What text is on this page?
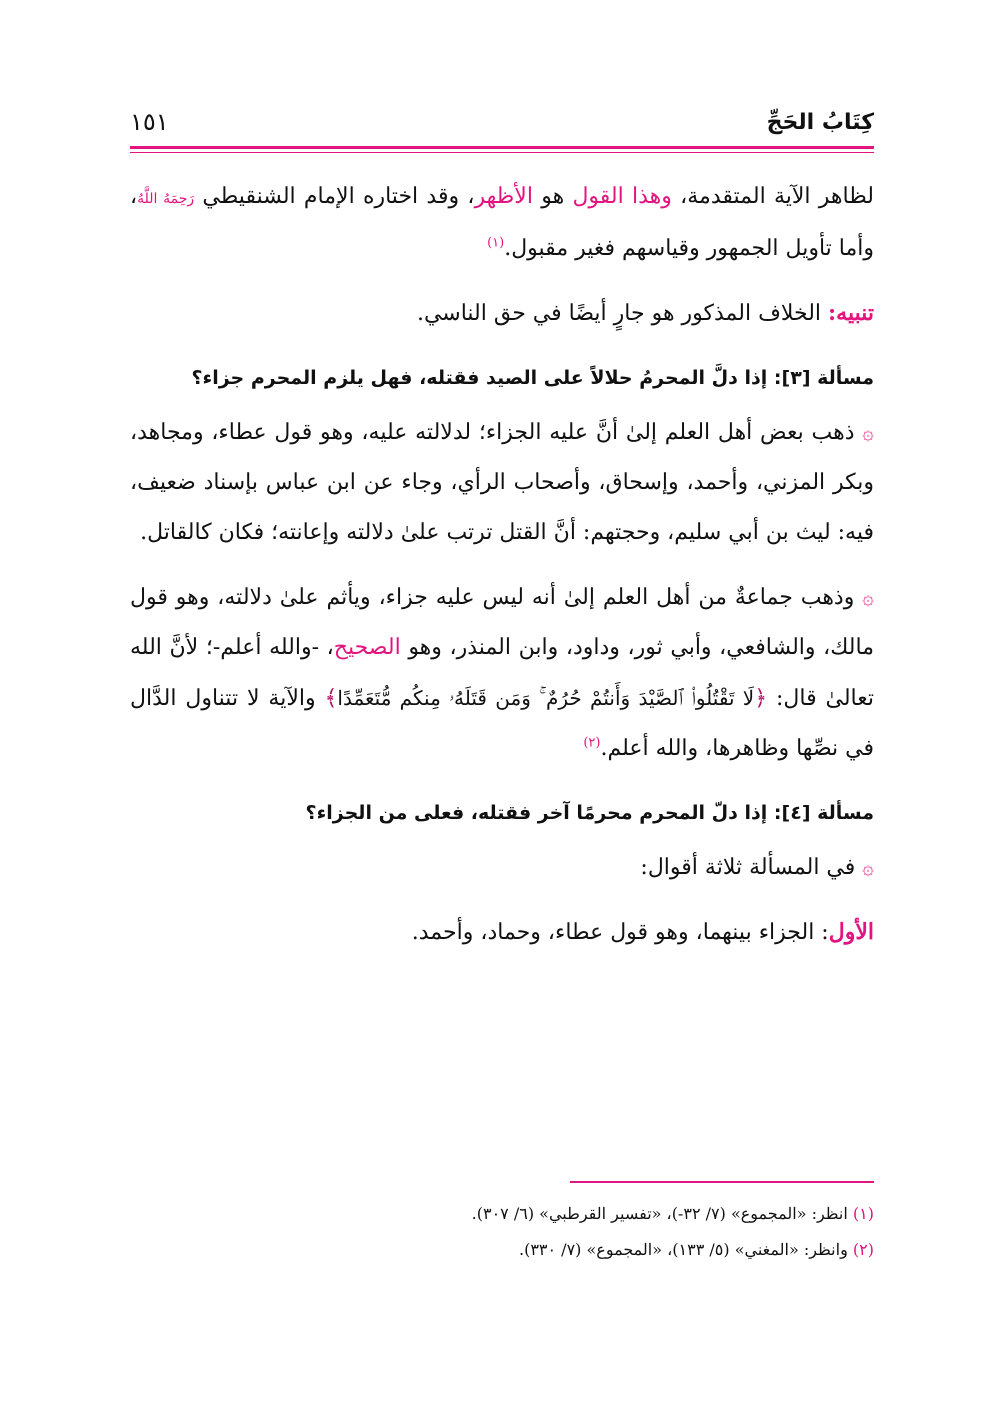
كِتَابُ الحَجِّ
١٥١

لظاهر الآية المتقدمة، وهذا القول هو الأظهر، وقد اختاره الإمام الشنقيطي رَحِمَهُ اللَّهُ، وأما تأويل الجمهور وقياسهم فغير مقبول.$^{(١)}$

تنبيه: الخلاف المذكور هو جارٍ أيضًا في حق الناسي.

مسألة [٣]: إذا دلَّ المحرمُ حلالاً على الصيد فقتله، فهل يلزم المحرم جزاء؟

۞ ذهب بعض أهل العلم إلىٰ أنَّ عليه الجزاء؛ لدلالته عليه، وهو قول عطاء، ومجاهد، وبكر المزني، وأحمد، وإسحاق، وأصحاب الرأي، وجاء عن ابن عباس بإسناد ضعيف، فيه: ليث بن أبي سليم، وحجتهم: أنَّ القتل ترتب علىٰ دلالته وإعانته؛ فكان كالقاتل.

۞ وذهب جماعةٌ من أهل العلم إلىٰ أنه ليس عليه جزاء، ويأثم علىٰ دلالته، وهو قول مالك، والشافعي، وأبي ثور، وداود، وابن المنذر، وهو الصحيح، -والله أعلم-؛ لأنَّ الله تعالىٰ قال: ﴿لَا تَقْتُلُوا۟ ٱلصَّيْدَ وَأَنتُمْ حُرُمٌ ۚ وَمَن قَتَلَهُۥ مِنكُم مُّتَعَمِّدًا﴾ والآية لا تتناول الدَّال في نصِّها وظاهرها، والله أعلم.$^{(٢)}$

مسألة [٤]: إذا دلّ المحرم محرمًا آخر فقتله، فعلى من الجزاء؟

۞ في المسألة ثلاثة أقوال:

الأول: الجزاء بينهما، وهو قول عطاء، وحماد، وأحمد.

(١) انظر: «المجموع» (٧/ ٣٢-)، «تفسير القرطبي» (٦/ ٣٠٧).

(٢) وانظر: «المغني» (٥/ ١٣٣)، «المجموع» (٧/ ٣٣٠).
